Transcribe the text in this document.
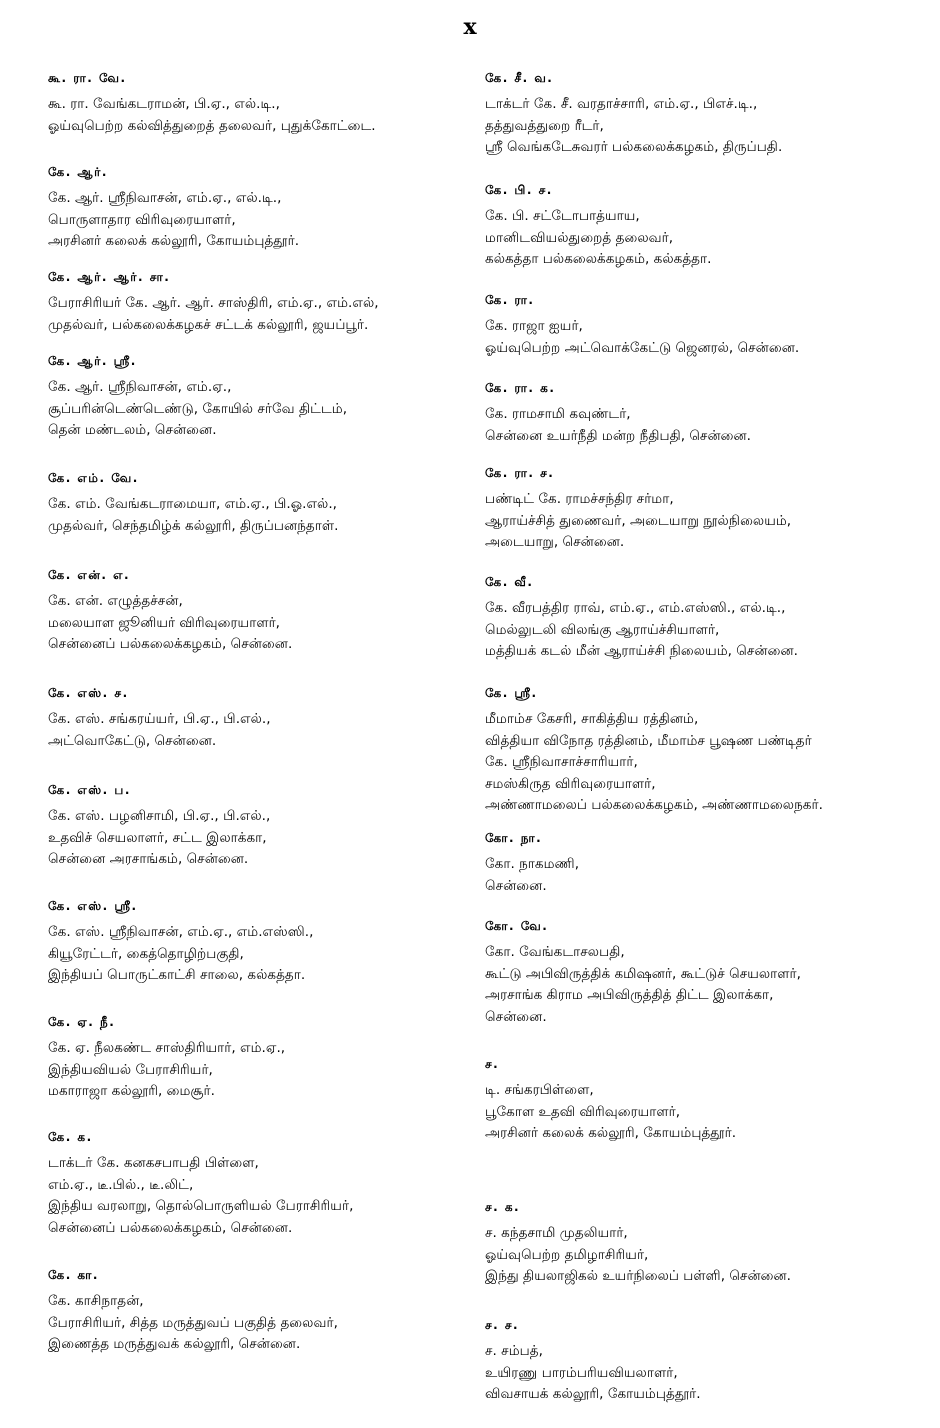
x
கூ. ரா. வே.
கூ. ரா. வேங்கடராமன், பி.ஏ., எல்.டி.,
ஓய்வுபெற்ற கல்வித்துறைத் தலைவர், புதுக்கோட்டை.
கே. ஆர்.
கே. ஆர். ஸ்ரீநிவாசன், எம்.ஏ., எல்.டி.,
பொருளாதார விரிவுரையாளர்,
அரசினர் கலைக் கல்லூரி, கோயம்புத்தூர்.
கே. ஆர். ஆர். சா.
பேராசிரியர் கே. ஆர். ஆர். சாஸ்திரி, எம்.ஏ., எம்.எல்,
முதல்வர், பல்கலைக்கழகச் சட்டக் கல்லூரி, ஜயப்பூர்.
கே. ஆர். ஸ்ரீ.
கே. ஆர். ஸ்ரீநிவாசன், எம்.ஏ.,
சூப்பரின்டெண்டெண்டு, கோயில் சர்வே திட்டம்,
தென் மண்டலம், சென்னை.
கே. எம். வே.
கே. எம். வேங்கடராமையா, எம்.ஏ., பி.ஓ.எல்.,
முதல்வர், செந்தமிழ்க் கல்லூரி, திருப்பனந்தாள்.
கே. என். எ.
கே. என். எழுத்தச்சன்,
மலையாள ஜூனியர் விரிவுரையாளர்,
சென்னைப் பல்கலைக்கழகம், சென்னை.
கே. எஸ். ச.
கே. எஸ். சங்கரய்யர், பி.ஏ., பி.எல்.,
அட்வொகேட்டு, சென்னை.
கே. எஸ். ப.
கே. எஸ். பழனிசாமி, பி.ஏ., பி.எல்.,
உதவிச் செயலாளர், சட்ட இலாக்கா,
சென்னை அரசாங்கம், சென்னை.
கே. எஸ். ஸ்ரீ.
கே. எஸ். ஸ்ரீநிவாசன், எம்.ஏ., எம்.எஸ்ஸி.,
கியூரேட்டர், கைத்தொழிற்பகுதி,
இந்தியப் பொருட்காட்சி சாலை, கல்கத்தா.
கே. ஏ. நீ.
கே. ஏ. நீலகண்ட சாஸ்திரியார், எம்.ஏ.,
இந்தியவியல் பேராசிரியர்,
மகாராஜா கல்லூரி, மைசூர்.
கே. க.
டாக்டர் கே. கனகசபாபதி பிள்ளை,
எம்.ஏ., டீ.பில்., டீ.லிட்,
இந்திய வரலாறு, தொல்பொருளியல் பேராசிரியர்,
சென்னைப் பல்கலைக்கழகம், சென்னை.
கே. கா.
கே. காசிநாதன்,
பேராசிரியர், சித்த மருத்துவப் பகுதித் தலைவர்,
இணைத்த மருத்துவக் கல்லூரி, சென்னை.
கே. சீ. வ.
டாக்டர் கே. சீ. வரதாச்சாரி, எம்.ஏ., பிஎச்.டி.,
தத்துவத்துறை ரீடர்,
ஸ்ரீ வெங்கடேசுவரர் பல்கலைக்கழகம், திருப்பதி.
கே. பி. ச.
கே. பி. சட்டோபாத்யாய,
மானிடவியல்துறைத் தலைவர்,
கல்கத்தா பல்கலைக்கழகம், கல்கத்தா.
கே. ரா.
கே. ராஜா ஐயர்,
ஓய்வுபெற்ற அட்வொக்கேட்டு ஜெனரல், சென்னை.
கே. ரா. க.
கே. ராமசாமி கவுண்டர்,
சென்னை உயர்நீதி மன்ற நீதிபதி, சென்னை.
கே. ரா. ச.
பண்டிட் கே. ராமச்சந்திர சர்மா,
ஆராய்ச்சித் துணைவர், அடையாறு நூல்நிலையம்,
அடையாறு, சென்னை.
கே. வீ.
கே. வீரபத்திர ராவ், எம்.ஏ., எம்.எஸ்ஸி., எல்.டி.,
மெல்லுடலி விலங்கு ஆராய்ச்சியாளர்,
மத்தியக் கடல் மீன் ஆராய்ச்சி நிலையம், சென்னை.
கே. ஸ்ரீ.
மீமாம்ச கேசரி, சாகித்திய ரத்தினம்,
வித்தியா விநோத ரத்தினம், மீமாம்ச பூஷண பண்டிதர்
கே. ஸ்ரீநிவாசாச்சாரியார்,
சமஸ்கிருத விரிவுரையாளர்,
அண்ணாமலைப் பல்கலைக்கழகம், அண்ணாமலைநகர்.
கோ. நா.
கோ. நாகமணி,
சென்னை.
கோ. வே.
கோ. வேங்கடாசலபதி,
கூட்டு அபிவிருத்திக் கமிஷனர், கூட்டுச் செயலாளர்,
அரசாங்க கிராம அபிவிருத்தித் திட்ட இலாக்கா,
சென்னை.
ச.
டி. சங்கரபிள்ளை,
பூகோள உதவி விரிவுரையாளர்,
அரசினர் கலைக் கல்லூரி, கோயம்புத்தூர்.
ச. க.
ச. கந்தசாமி முதலியார்,
ஓய்வுபெற்ற தமிழாசிரியர்,
இந்து தியலாஜிகல் உயர்நிலைப் பள்ளி, சென்னை.
ச. ச.
ச. சம்பத்,
உயிரணு பாரம்பரியவியலாளர்,
விவசாயக் கல்லூரி, கோயம்புத்தூர்.
